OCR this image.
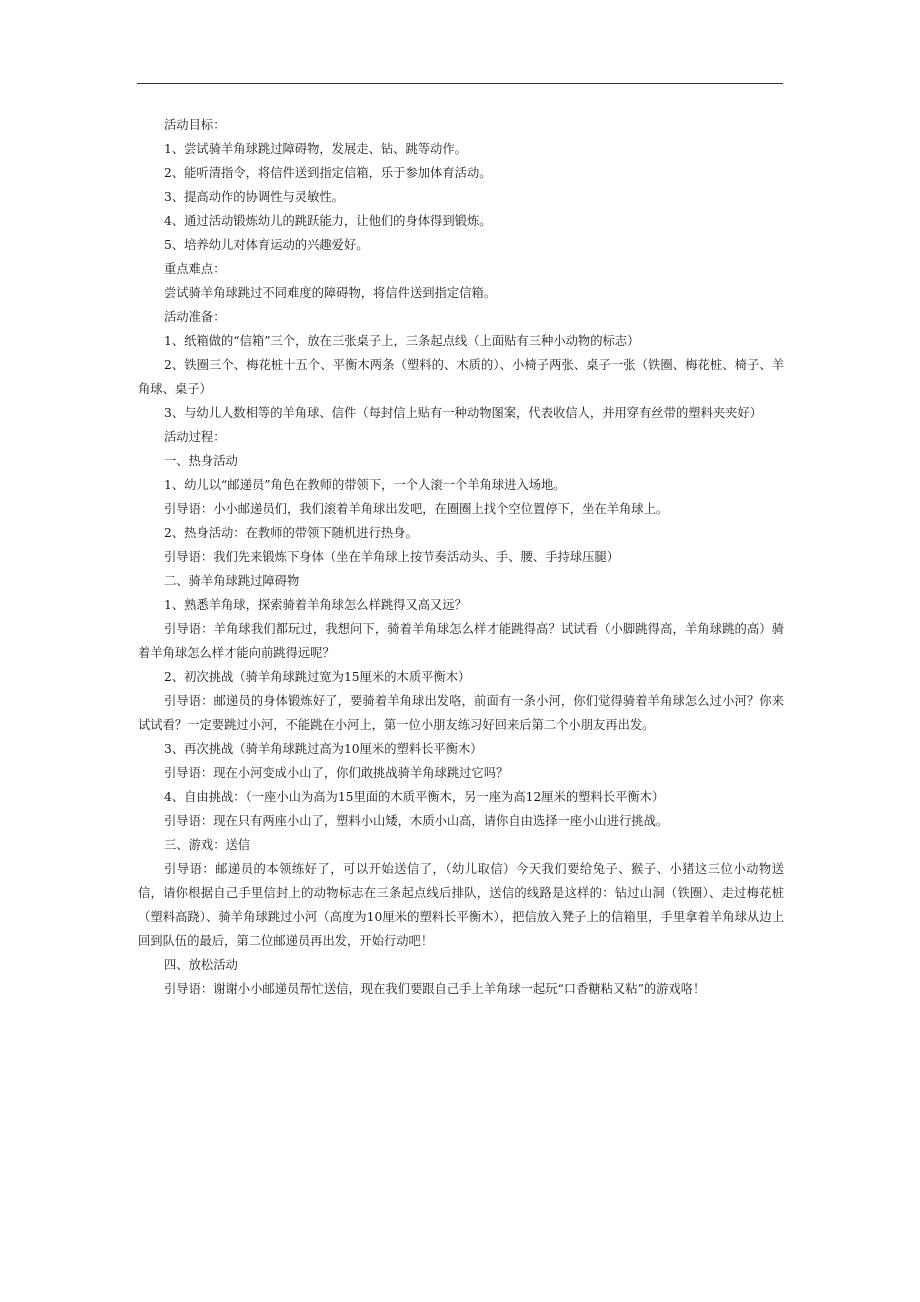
活动目标：

1、尝试骑羊角球跳过障碍物，发展走、钻、跳等动作。

2、能听清指令，将信件送到指定信箱，乐于参加体育活动。

3、提高动作的协调性与灵敏性。

4、通过活动锻炼幼儿的跳跃能力，让他们的身体得到锻炼。

5、培养幼儿对体育运动的兴趣爱好。

重点难点：

尝试骑羊角球跳过不同难度的障碍物，将信件送到指定信箱。

活动准备：

1、纸箱做的“信箱”三个，放在三张桌子上，三条起点线（上面贴有三种小动物的标志）

2、铁圈三个、梅花桩十五个、平衡木两条（塑料的、木质的）、小椅子两张、桌子一张（铁圈、梅花桩、椅子、羊角球、桌子）

3、与幼儿人数相等的羊角球、信件（每封信上贴有一种动物图案，代表收信人，并用穿有丝带的塑料夹夹好）

活动过程：

一、热身活动

1、幼儿以“邮递员”角色在教师的带领下，一个人滚一个羊角球进入场地。

引导语：小小邮递员们，我们滚着羊角球出发吧，在圈圈上找个空位置停下，坐在羊角球上。

2、热身活动：在教师的带领下随机进行热身。

引导语：我们先来锻炼下身体（坐在羊角球上按节奏活动头、手、腰、手持球压腿）

二、骑羊角球跳过障碍物

1、熟悉羊角球，探索骑着羊角球怎么样跳得又高又远？

引导语：羊角球我们都玩过，我想问下，骑着羊角球怎么样才能跳得高？试试看（小脚跳得高，羊角球跳的高）骑着羊角球怎么样才能向前跳得远呢？

2、初次挑战（骑羊角球跳过宽为15厘米的木质平衡木）

引导语：邮递员的身体锻炼好了，要骑着羊角球出发咯，前面有一条小河，你们觉得骑着羊角球怎么过小河？你来试试看？一定要跳过小河，不能跳在小河上，第一位小朋友练习好回来后第二个小朋友再出发。

3、再次挑战（骑羊角球跳过高为10厘米的塑料长平衡木）

引导语：现在小河变成小山了，你们敢挑战骑羊角球跳过它吗？

4、自由挑战：（一座小山为高为15里面的木质平衡木，另一座为高12厘米的塑料长平衡木）

引导语：现在只有两座小山了，塑料小山矮，木质小山高，请你自由选择一座小山进行挑战。

三、游戏：送信

引导语：邮递员的本领练好了，可以开始送信了，（幼儿取信）今天我们要给兔子、猴子、小猪这三位小动物送信，请你根据自己手里信封上的动物标志在三条起点线后排队，送信的线路是这样的：钻过山洞（铁圈）、走过梅花桩（塑料高跷）、骑羊角球跳过小河（高度为10厘米的塑料长平衡木），把信放入凳子上的信箱里，手里拿着羊角球从边上回到队伍的最后，第二位邮递员再出发，开始行动吧！

四、放松活动

引导语：谢谢小小邮递员帮忙送信，现在我们要跟自己手上羊角球一起玩“口香糖粘又粘”的游戏咯！
